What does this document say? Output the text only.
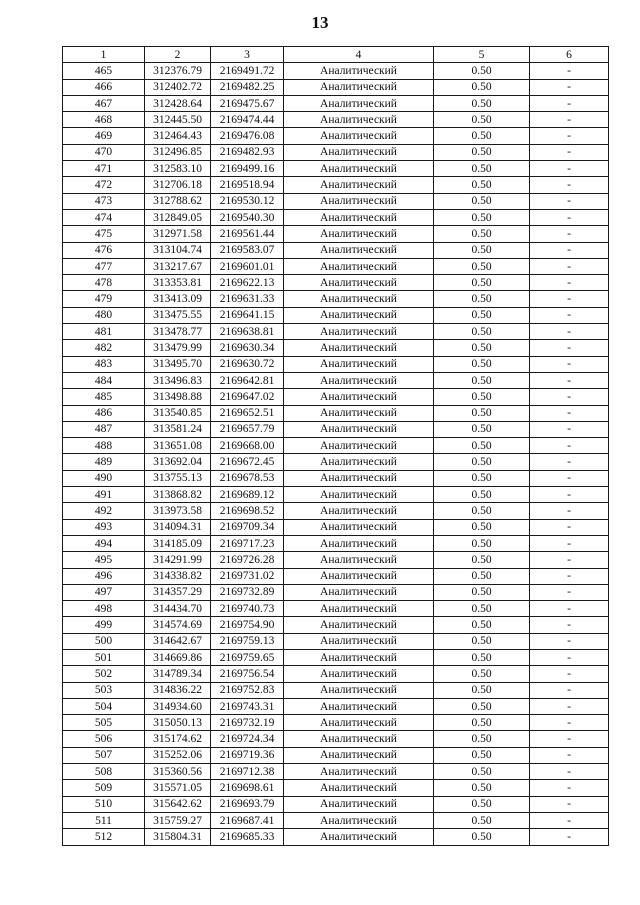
13
1	2	3	4	5	6
465	312376.79	2169491.72	Аналитический	0.50	-
466	312402.72	2169482.25	Аналитический	0.50	-
467	312428.64	2169475.67	Аналитический	0.50	-
468	312445.50	2169474.44	Аналитический	0.50	-
469	312464.43	2169476.08	Аналитический	0.50	-
470	312496.85	2169482.93	Аналитический	0.50	-
471	312583.10	2169499.16	Аналитический	0.50	-
472	312706.18	2169518.94	Аналитический	0.50	-
473	312788.62	2169530.12	Аналитический	0.50	-
474	312849.05	2169540.30	Аналитический	0.50	-
475	312971.58	2169561.44	Аналитический	0.50	-
476	313104.74	2169583.07	Аналитический	0.50	-
477	313217.67	2169601.01	Аналитический	0.50	-
478	313353.81	2169622.13	Аналитический	0.50	-
479	313413.09	2169631.33	Аналитический	0.50	-
480	313475.55	2169641.15	Аналитический	0.50	-
481	313478.77	2169638.81	Аналитический	0.50	-
482	313479.99	2169630.34	Аналитический	0.50	-
483	313495.70	2169630.72	Аналитический	0.50	-
484	313496.83	2169642.81	Аналитический	0.50	-
485	313498.88	2169647.02	Аналитический	0.50	-
486	313540.85	2169652.51	Аналитический	0.50	-
487	313581.24	2169657.79	Аналитический	0.50	-
488	313651.08	2169668.00	Аналитический	0.50	-
489	313692.04	2169672.45	Аналитический	0.50	-
490	313755.13	2169678.53	Аналитический	0.50	-
491	313868.82	2169689.12	Аналитический	0.50	-
492	313973.58	2169698.52	Аналитический	0.50	-
493	314094.31	2169709.34	Аналитический	0.50	-
494	314185.09	2169717.23	Аналитический	0.50	-
495	314291.99	2169726.28	Аналитический	0.50	-
496	314338.82	2169731.02	Аналитический	0.50	-
497	314357.29	2169732.89	Аналитический	0.50	-
498	314434.70	2169740.73	Аналитический	0.50	-
499	314574.69	2169754.90	Аналитический	0.50	-
500	314642.67	2169759.13	Аналитический	0.50	-
501	314669.86	2169759.65	Аналитический	0.50	-
502	314789.34	2169756.54	Аналитический	0.50	-
503	314836.22	2169752.83	Аналитический	0.50	-
504	314934.60	2169743.31	Аналитический	0.50	-
505	315050.13	2169732.19	Аналитический	0.50	-
506	315174.62	2169724.34	Аналитический	0.50	-
507	315252.06	2169719.36	Аналитический	0.50	-
508	315360.56	2169712.38	Аналитический	0.50	-
509	315571.05	2169698.61	Аналитический	0.50	-
510	315642.62	2169693.79	Аналитический	0.50	-
511	315759.27	2169687.41	Аналитический	0.50	-
512	315804.31	2169685.33	Аналитический	0.50	-
